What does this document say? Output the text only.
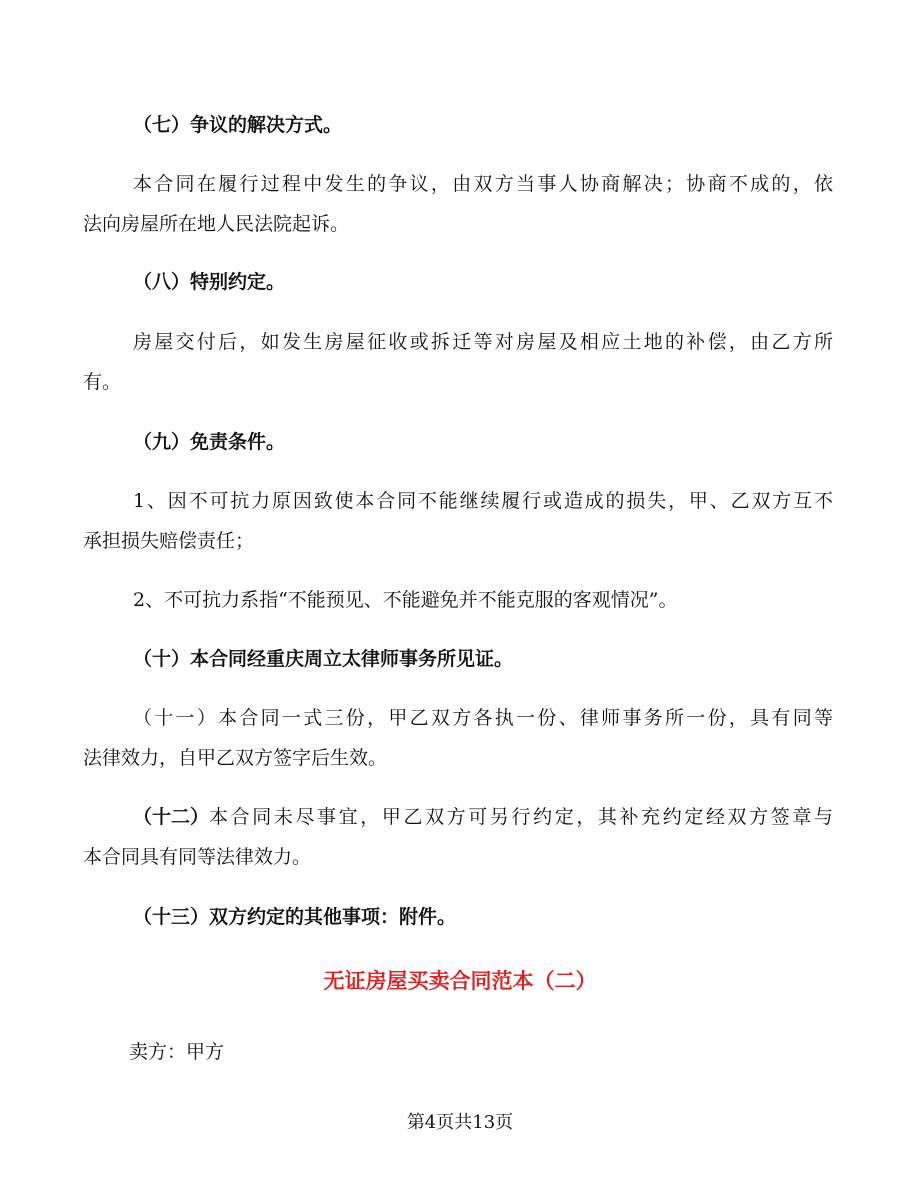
（七）争议的解决方式。
本合同在履行过程中发生的争议，由双方当事人协商解决；协商不成的，依
法向房屋所在地人民法院起诉。
（八）特别约定。
房屋交付后，如发生房屋征收或拆迁等对房屋及相应土地的补偿，由乙方所
有。
（九）免责条件。
1、因不可抗力原因致使本合同不能继续履行或造成的损失，甲、乙双方互不
承担损失赔偿责任；
2、不可抗力系指“不能预见、不能避免并不能克服的客观情况”。
（十）本合同经重庆周立太律师事务所见证。
（十一）本合同一式三份，甲乙双方各执一份、律师事务所一份，具有同等
法律效力，自甲乙双方签字后生效。
（十二） 本合同未尽事宜，甲乙双方可另行约定，其补充约定经双方签章与
本合同具有同等法律效力。
（十三）双方约定的其他事项：附件。
无证房屋买卖合同范本（二）
卖方：甲方
第4页共13页
